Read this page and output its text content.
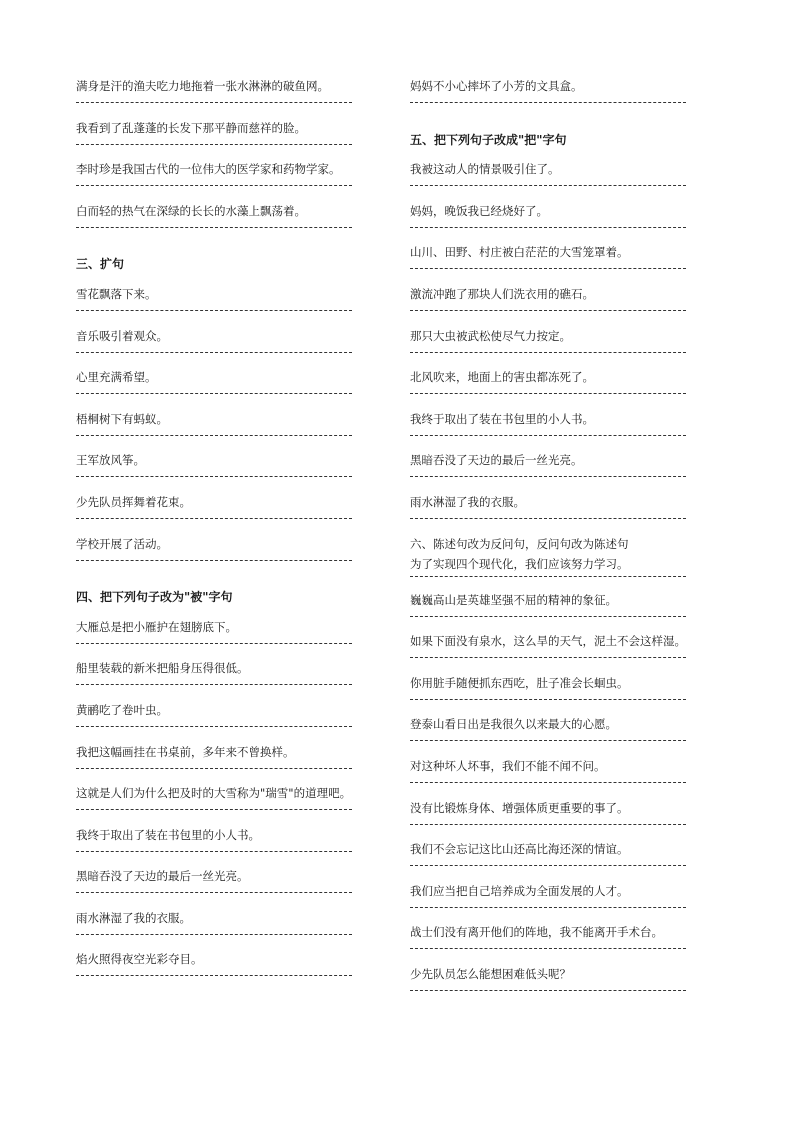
满身是汗的渔夫吃力地拖着一张水淋淋的破鱼网。
我看到了乱蓬蓬的长发下那平静而慈祥的脸。
李时珍是我国古代的一位伟大的医学家和药物学家。
白而轻的热气在深绿的长长的水藻上飘荡着。
三、扩句
雪花飘落下来。
音乐吸引着观众。
心里充满希望。
梧桐树下有蚂蚁。
王军放风筝。
少先队员挥舞着花束。
学校开展了活动。
四、把下列句子改为"被"字句
大雁总是把小雁护在翅膀底下。
船里装载的新米把船身压得很低。
黄鹂吃了卷叶虫。
我把这幅画挂在书桌前，多年来不曾换样。
这就是人们为什么把及时的大雪称为"瑞雪"的道理吧。
我终于取出了装在书包里的小人书。
黑暗吞没了天边的最后一丝光亮。
雨水淋湿了我的衣服。
焰火照得夜空光彩夺目。
妈妈不小心摔坏了小芳的文具盒。
五、把下列句子改成"把"字句
我被这动人的情景吸引住了。
妈妈，晚饭我已经烧好了。
山川、田野、村庄被白茫茫的大雪笼罩着。
激流冲跑了那块人们洗衣用的礁石。
那只大虫被武松使尽气力按定。
北风吹来，地面上的害虫都冻死了。
我终于取出了装在书包里的小人书。
黑暗吞没了天边的最后一丝光亮。
雨水淋湿了我的衣服。
六、陈述句改为反问句，反问句改为陈述句
为了实现四个现代化，我们应该努力学习。
巍巍高山是英雄坚强不屈的精神的象征。
如果下面没有泉水，这么旱的天气，泥土不会这样湿。
你用脏手随便抓东西吃，肚子准会长蛔虫。
登泰山看日出是我很久以来最大的心愿。
对这种坏人坏事，我们不能不闻不问。
没有比锻炼身体、增强体质更重要的事了。
我们不会忘记这比山还高比海还深的情谊。
我们应当把自己培养成为全面发展的人才。
战士们没有离开他们的阵地，我不能离开手术台。
少先队员怎么能想困难低头呢？
